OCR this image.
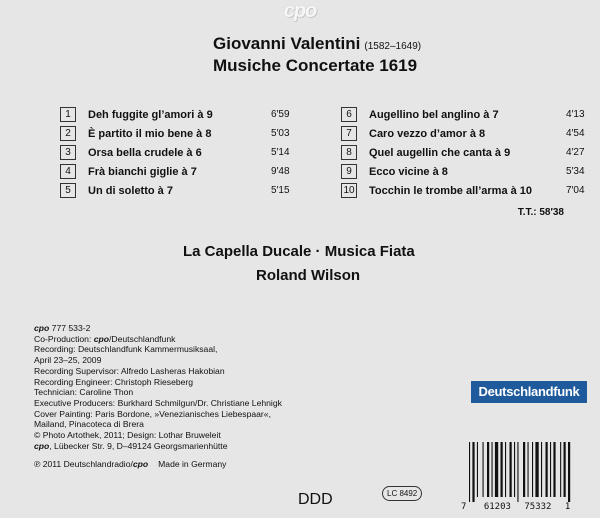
cpo
Giovanni Valentini (1582–1649)
Musiche Concertate 1619
1	Deh fuggite gl’amori à 9	6′59
2	È partito il mio bene à 8	5′03
3	Orsa bella crudele à 6	5′14
4	Frà bianchi giglie à 7	9′48
5	Un di soletto à 7	5′15
6	Augellino bel anglino à 7	4′13
7	Caro vezzo d’amor à 8	4′54
8	Quel augellin che canta à 9	4′27
9	Ecco vicine à 8	5′34
10 Tocchin le trombe all’arma à 10	7′04
T.T.: 58′38
La Capella Ducale · Musica Fiata
Roland Wilson
cpo 777 533-2
Co-Production: cpo/Deutschlandfunk
Recording: Deutschlandfunk Kammermusiksaal,
April 23–25, 2009
Recording Supervisor: Alfredo Lasheras Hakobian
Recording Engineer: Christoph Rieseberg
Technician: Caroline Thon
Executive Producers: Burkhard Schmilgun/Dr. Christiane Lehnigk
Cover Painting: Paris Bordone, »Venezianisches Liebespaar«,
Mailand, Pinacoteca di Brera
© Photo Artothek, 2011; Design: Lothar Bruweleit
cpo, Lübecker Str. 9, D–49124 Georgsmarienhütte
℗ 2011 Deutschlandradio/cpo Made in Germany
Deutschlandfunk
DDD	LC 8492
7 61203 75332 1
